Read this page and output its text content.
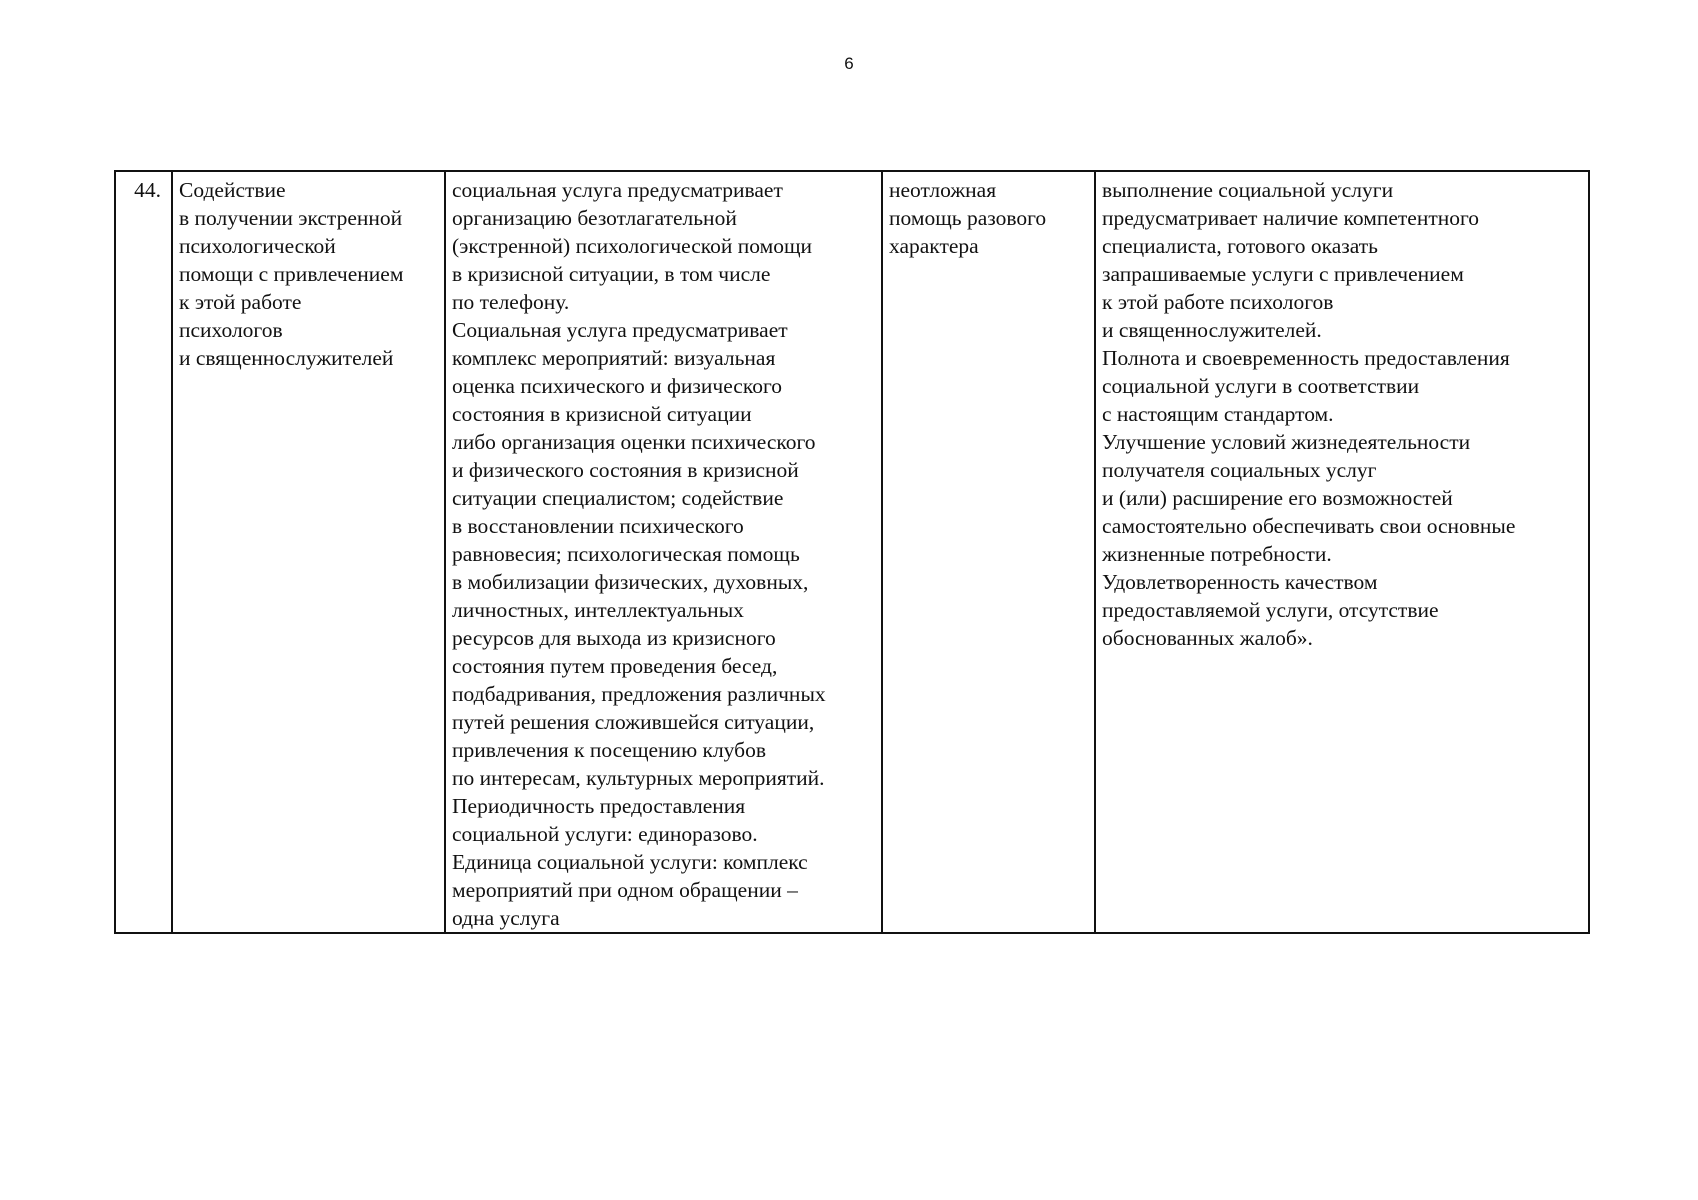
6
44.	Содействие
в получении экстренной
психологической
помощи с привлечением
к этой работе
психологов
и священнослужителей	социальная услуга предусматривает
организацию безотлагательной
(экстренной) психологической помощи
в кризисной ситуации, в том числе
по телефону.
Социальная услуга предусматривает
комплекс мероприятий: визуальная
оценка психического и физического
состояния в кризисной ситуации
либо организация оценки психического
и физического состояния в кризисной
ситуации специалистом; содействие
в восстановлении психического
равновесия; психологическая помощь
в мобилизации физических, духовных,
личностных, интеллектуальных
ресурсов для выхода из кризисного
состояния путем проведения бесед,
подбадривания, предложения различных
путей решения сложившейся ситуации,
привлечения к посещению клубов
по интересам, культурных мероприятий.
Периодичность предоставления
социальной услуги: единоразово.
Единица социальной услуги: комплекс
мероприятий при одном обращении –
одна услуга	неотложная
помощь разового
характера	выполнение социальной услуги
предусматривает наличие компетентного
специалиста, готового оказать
запрашиваемые услуги с привлечением
к этой работе психологов
и священнослужителей.
Полнота и своевременность предоставления
социальной услуги в соответствии
с настоящим стандартом.
Улучшение условий жизнедеятельности
получателя социальных услуг
и (или) расширение его возможностей
самостоятельно обеспечивать свои основные
жизненные потребности.
Удовлетворенность качеством
предоставляемой услуги, отсутствие
обоснованных жалоб».
